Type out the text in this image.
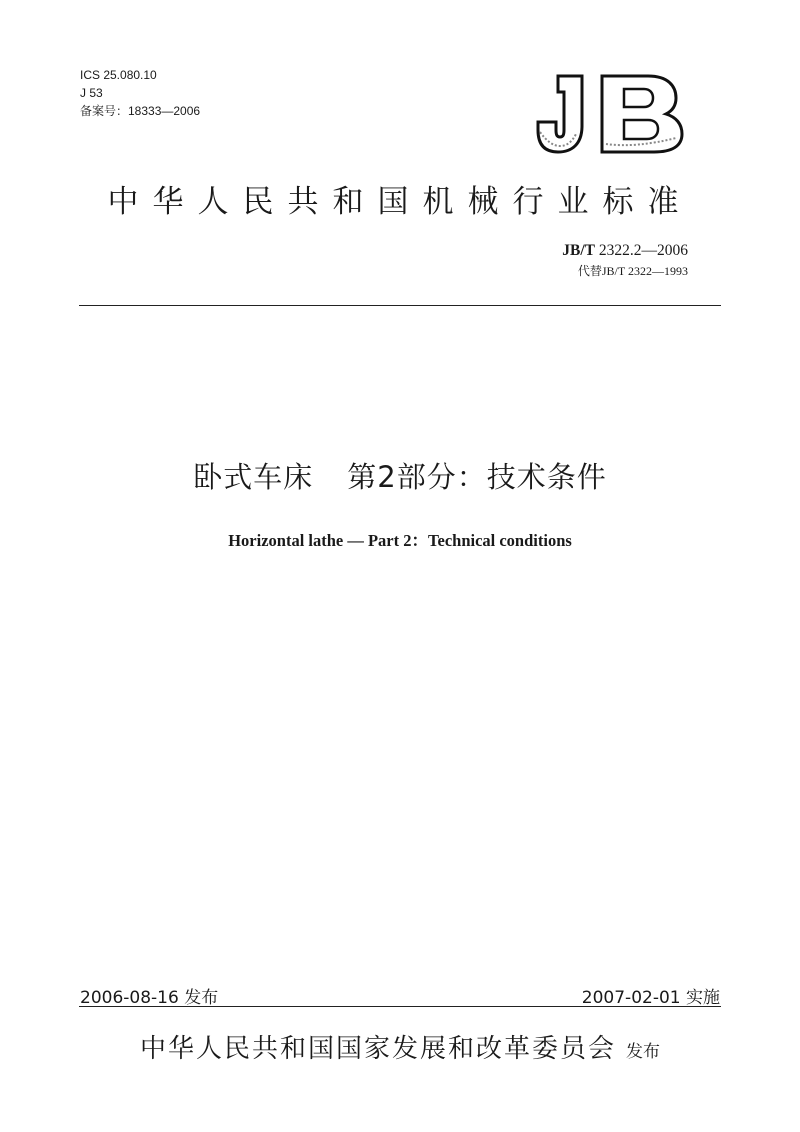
ICS 25.080.10
J 53
备案号：18333—2006
中华人民共和国机械行业标准
JB/T 2322.2—2006
代替JB/T 2322—1993
卧式车床 第2部分：技术条件
Horizontal lathe — Part 2：Technical conditions
2006-08-16 发布	2007-02-01 实施
中华人民共和国国家发展和改革委员会 发布
